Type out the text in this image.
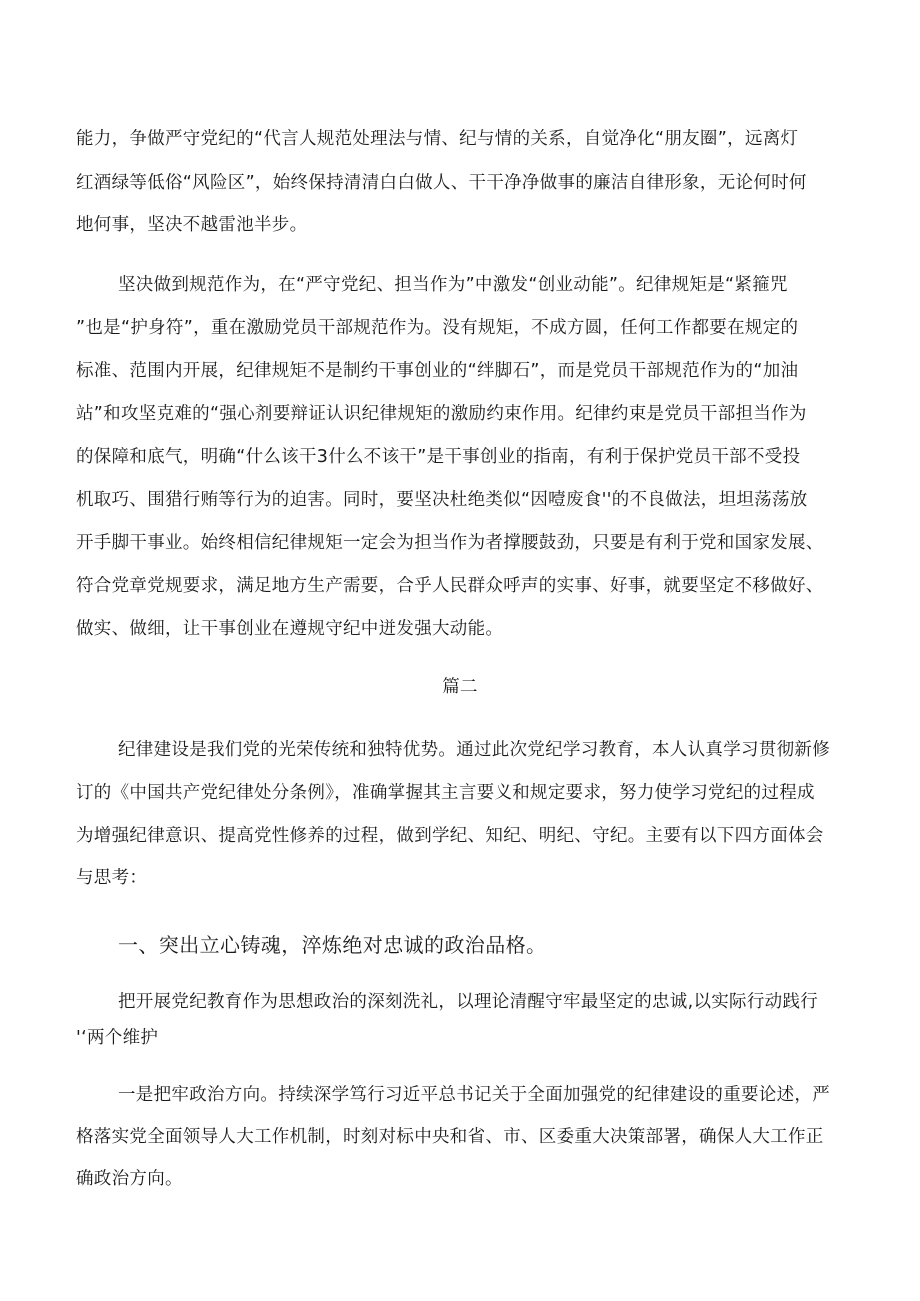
能力，争做严守党纪的“代言人规范处理法与情、纪与情的关系，自觉净化“朋友圈”，远离灯
红酒绿等低俗“风险区”，始终保持清清白白做人、干干净净做事的廉洁自律形象，无论何时何
地何事，坚决不越雷池半步。
坚决做到规范作为，在“严守党纪、担当作为”中激发“创业动能”。纪律规矩是“紧箍咒
”也是“护身符”，重在激励党员干部规范作为。没有规矩，不成方圆，任何工作都要在规定的
标准、范围内开展，纪律规矩不是制约干事创业的“绊脚石”，而是党员干部规范作为的“加油
站”和攻坚克难的“强心剂要辩证认识纪律规矩的激励约束作用。纪律约束是党员干部担当作为
的保障和底气，明确“什么该干3什么不该干”是干事创业的指南，有利于保护党员干部不受投
机取巧、围猎行贿等行为的迫害。同时，要坚决杜绝类似“因噎废食''的不良做法，坦坦荡荡放
开手脚干事业。始终相信纪律规矩一定会为担当作为者撑腰鼓劲，只要是有利于党和国家发展、
符合党章党规要求，满足地方生产需要，合乎人民群众呼声的实事、好事，就要坚定不移做好、
做实、做细，让干事创业在遵规守纪中迸发强大动能。
篇二
纪律建设是我们党的光荣传统和独特优势。通过此次党纪学习教育，本人认真学习贯彻新修
订的《中国共产党纪律处分条例》，准确掌握其主言要义和规定要求，努力使学习党纪的过程成
为增强纪律意识、提高党性修养的过程，做到学纪、知纪、明纪、守纪。主要有以下四方面体会
与思考：
一、突出立心铸魂，淬炼绝对忠诚的政治品格。
把开展党纪教育作为思想政治的深刻洗礼，以理论清醒守牢最坚定的忠诚,以实际行动践行
'‘两个维护
一是把牢政治方向。持续深学笃行习近平总书记关于全面加强党的纪律建设的重要论述，严
格落实党全面领导人大工作机制，时刻对标中央和省、市、区委重大决策部署，确保人大工作正
确政治方向。
